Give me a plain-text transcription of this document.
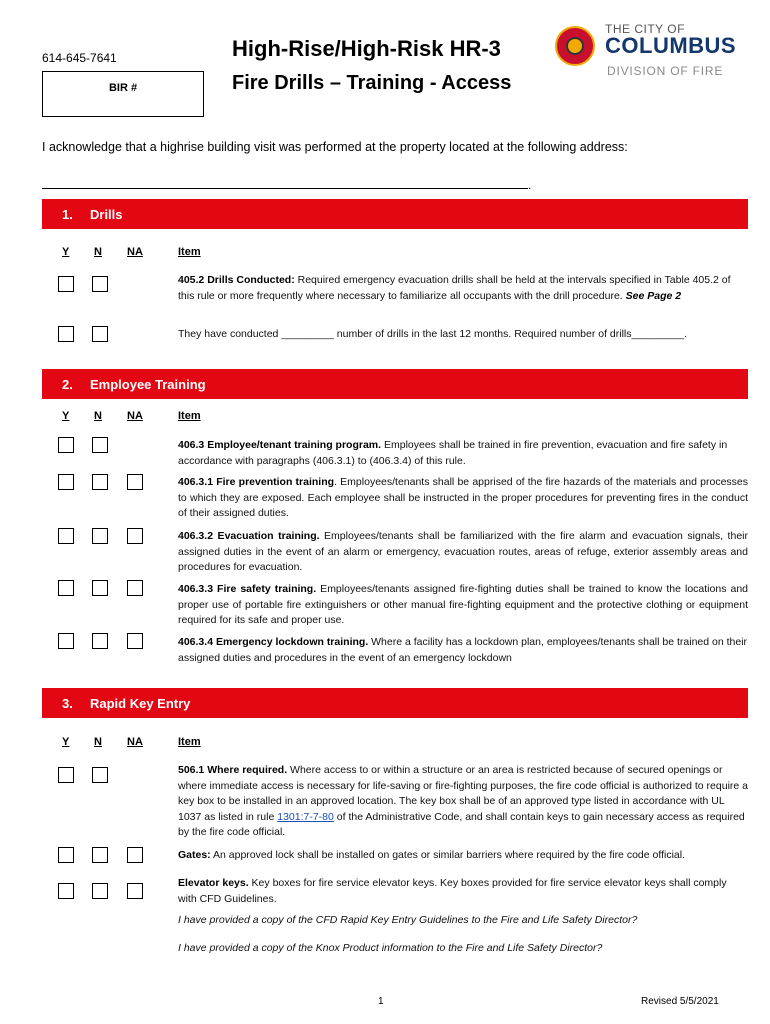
614-645-7641
BIR #
High-Rise/High-Risk HR-3
Fire Drills – Training - Access
THE CITY OF
COLUMBUS
DIVISION OF FIRE
I acknowledge that a highrise building visit was performed at the property located at the following address:
.
1.	Drills
Y N NA	Item
405.2 Drills Conducted: Required emergency evacuation drills shall be held at the intervals specified in Table 405.2 of this rule or more frequently where necessary to familiarize all occupants with the drill procedure. See Page 2
They have conducted _________ number of drills in the last 12 months. Required number of drills_________.
2.	Employee Training
Y N NA	Item
406.3 Employee/tenant training program. Employees shall be trained in fire prevention, evacuation and fire safety in accordance with paragraphs (406.3.1) to (406.3.4) of this rule.
406.3.1 Fire prevention training. Employees/tenants shall be apprised of the fire hazards of the materials and processes to which they are exposed. Each employee shall be instructed in the proper procedures for preventing fires in the conduct of their assigned duties.
406.3.2 Evacuation training. Employees/tenants shall be familiarized with the fire alarm and evacuation signals, their assigned duties in the event of an alarm or emergency, evacuation routes, areas of refuge, exterior assembly areas and procedures for evacuation.
406.3.3 Fire safety training. Employees/tenants assigned fire-fighting duties shall be trained to know the locations and proper use of portable fire extinguishers or other manual fire-fighting equipment and the protective clothing or equipment required for its safe and proper use.
406.3.4 Emergency lockdown training. Where a facility has a lockdown plan, employees/tenants shall be trained on their assigned duties and procedures in the event of an emergency lockdown
3.	Rapid Key Entry
Y N NA	Item
506.1 Where required. Where access to or within a structure or an area is restricted because of secured openings or where immediate access is necessary for life-saving or fire-fighting purposes, the fire code official is authorized to require a key box to be installed in an approved location. The key box shall be of an approved type listed in accordance with UL 1037 as listed in rule 1301:7-7-80 of the Administrative Code, and shall contain keys to gain necessary access as required by the fire code official.
Gates: An approved lock shall be installed on gates or similar barriers where required by the fire code official.
Elevator keys. Key boxes for fire service elevator keys. Key boxes provided for fire service elevator keys shall comply with CFD Guidelines.
I have provided a copy of the CFD Rapid Key Entry Guidelines to the Fire and Life Safety Director?
I have provided a copy of the Knox Product information to the Fire and Life Safety Director?
1	Revised 5/5/2021
